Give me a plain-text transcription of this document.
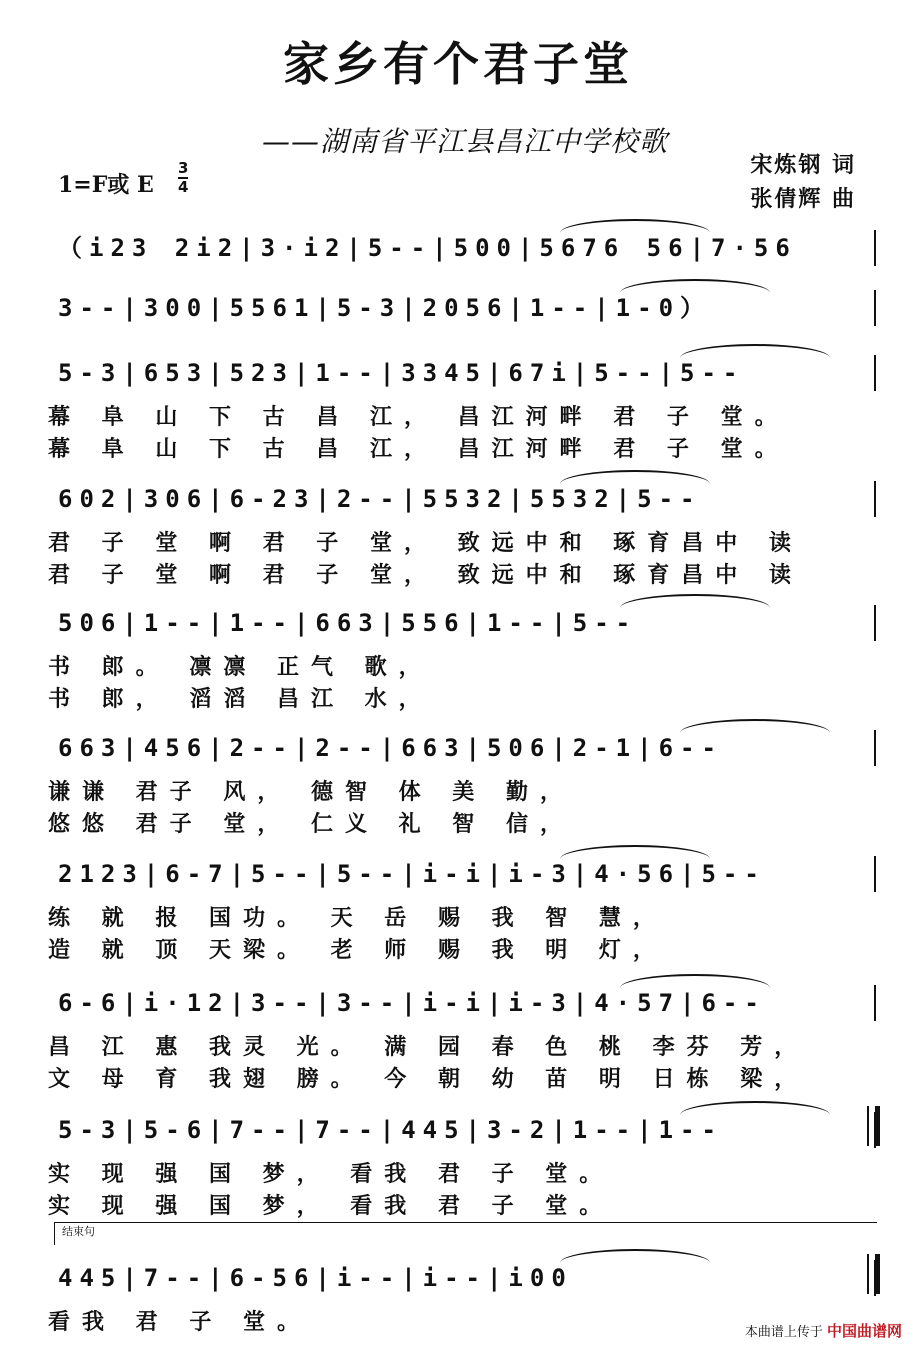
家乡有个君子堂
——湖南省平江县昌江中学校歌
1=F或 E
3
4
宋炼钢 词
张倩辉 曲
（i23 2i2|3·i2|5--|500|5676 56|7·56
3--|300|5561|5-3|2056|1--|1-0）
5-3|653|523|1--|3345|67i|5--|5--
幕 阜 山 下 古 昌 江， 昌江河畔 君 子 堂。
幕 阜 山 下 古 昌 江， 昌江河畔 君 子 堂。
602|306|6-23|2--|5532|5532|5--
君 子 堂 啊 君 子 堂， 致远中和 琢育昌中 读
君 子 堂 啊 君 子 堂， 致远中和 琢育昌中 读
506|1--|1--|663|556|1--|5--
书 郎。 凛凛 正气 歌，
书 郎， 滔滔 昌江 水，
663|456|2--|2--|663|506|2-1|6--
谦谦 君子 风， 德智 体 美 勤，
悠悠 君子 堂， 仁义 礼 智 信，
2123|6-7|5--|5--|i-i|i-3|4·56|5--
练 就 报 国功。 天 岳 赐 我 智 慧，
造 就 顶 天梁。 老 师 赐 我 明 灯，
6-6|i·12|3--|3--|i-i|i-3|4·57|6--
昌 江 惠 我灵 光。 满 园 春 色 桃 李芬 芳，
文 母 育 我翅 膀。 今 朝 幼 苗 明 日栋 梁，
5-3|5-6|7--|7--|445|3-2|1--|1--
实 现 强 国 梦， 看我 君 子 堂。
实 现 强 国 梦， 看我 君 子 堂。
445|7--|6-56|i--|i--|i00
看我 君 子 堂。
结束句
本曲谱上传于 中国曲谱网
